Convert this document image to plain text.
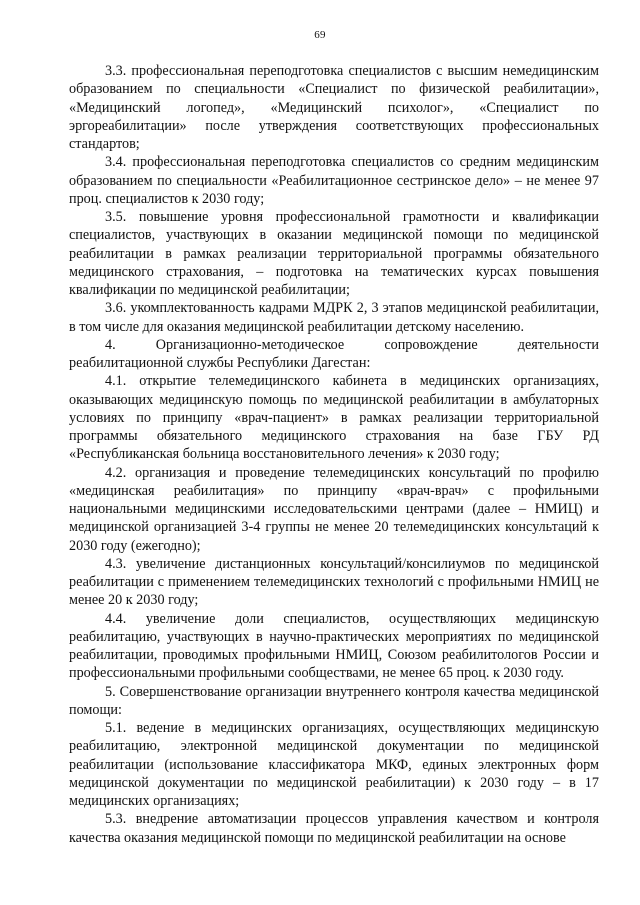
69

3.3. профессиональная переподготовка специалистов с высшим немедицинским образованием по специальности «Специалист по физической реабилитации», «Медицинский логопед», «Медицинский психолог», «Специалист по эргореабилитации» после утверждения соответствующих профессиональных стандартов;

3.4. профессиональная переподготовка специалистов со средним медицинским образованием по специальности «Реабилитационное сестринское дело» – не менее 97 проц. специалистов к 2030 году;

3.5. повышение уровня профессиональной грамотности и квалификации специалистов, участвующих в оказании медицинской помощи по медицинской реабилитации в рамках реализации территориальной программы обязательного медицинского страхования, – подготовка на тематических курсах повышения квалификации по медицинской реабилитации;

3.6. укомплектованность кадрами МДРК 2, 3 этапов медицинской реабилитации, в том числе для оказания медицинской реабилитации детскому населению.

4. Организационно-методическое сопровождение деятельности реабилитационной службы Республики Дагестан:

4.1. открытие телемедицинского кабинета в медицинских организациях, оказывающих медицинскую помощь по медицинской реабилитации в амбулаторных условиях по принципу «врач-пациент» в рамках реализации территориальной программы обязательного медицинского страхования на базе ГБУ РД «Республиканская больница восстановительного лечения» к 2030 году;

4.2. организация и проведение телемедицинских консультаций по профилю «медицинская реабилитация» по принципу «врач-врач» с профильными национальными медицинскими исследовательскими центрами (далее – НМИЦ) и медицинской организацией 3-4 группы не менее 20 телемедицинских консультаций к 2030 году (ежегодно);

4.3. увеличение дистанционных консультаций/консилиумов по медицинской реабилитации с применением телемедицинских технологий с профильными НМИЦ не менее 20 к 2030 году;

4.4. увеличение доли специалистов, осуществляющих медицинскую реабилитацию, участвующих в научно-практических мероприятиях по медицинской реабилитации, проводимых профильными НМИЦ, Союзом реабилитологов России и профессиональными профильными сообществами, не менее 65 проц. к 2030 году.

5. Совершенствование организации внутреннего контроля качества медицинской помощи:

5.1. ведение в медицинских организациях, осуществляющих медицинскую реабилитацию, электронной медицинской документации по медицинской реабилитации (использование классификатора МКФ, единых электронных форм медицинской документации по медицинской реабилитации) к 2030 году – в 17 медицинских организациях;

5.3. внедрение автоматизации процессов управления качеством и контроля качества оказания медицинской помощи по медицинской реабилитации на основе
